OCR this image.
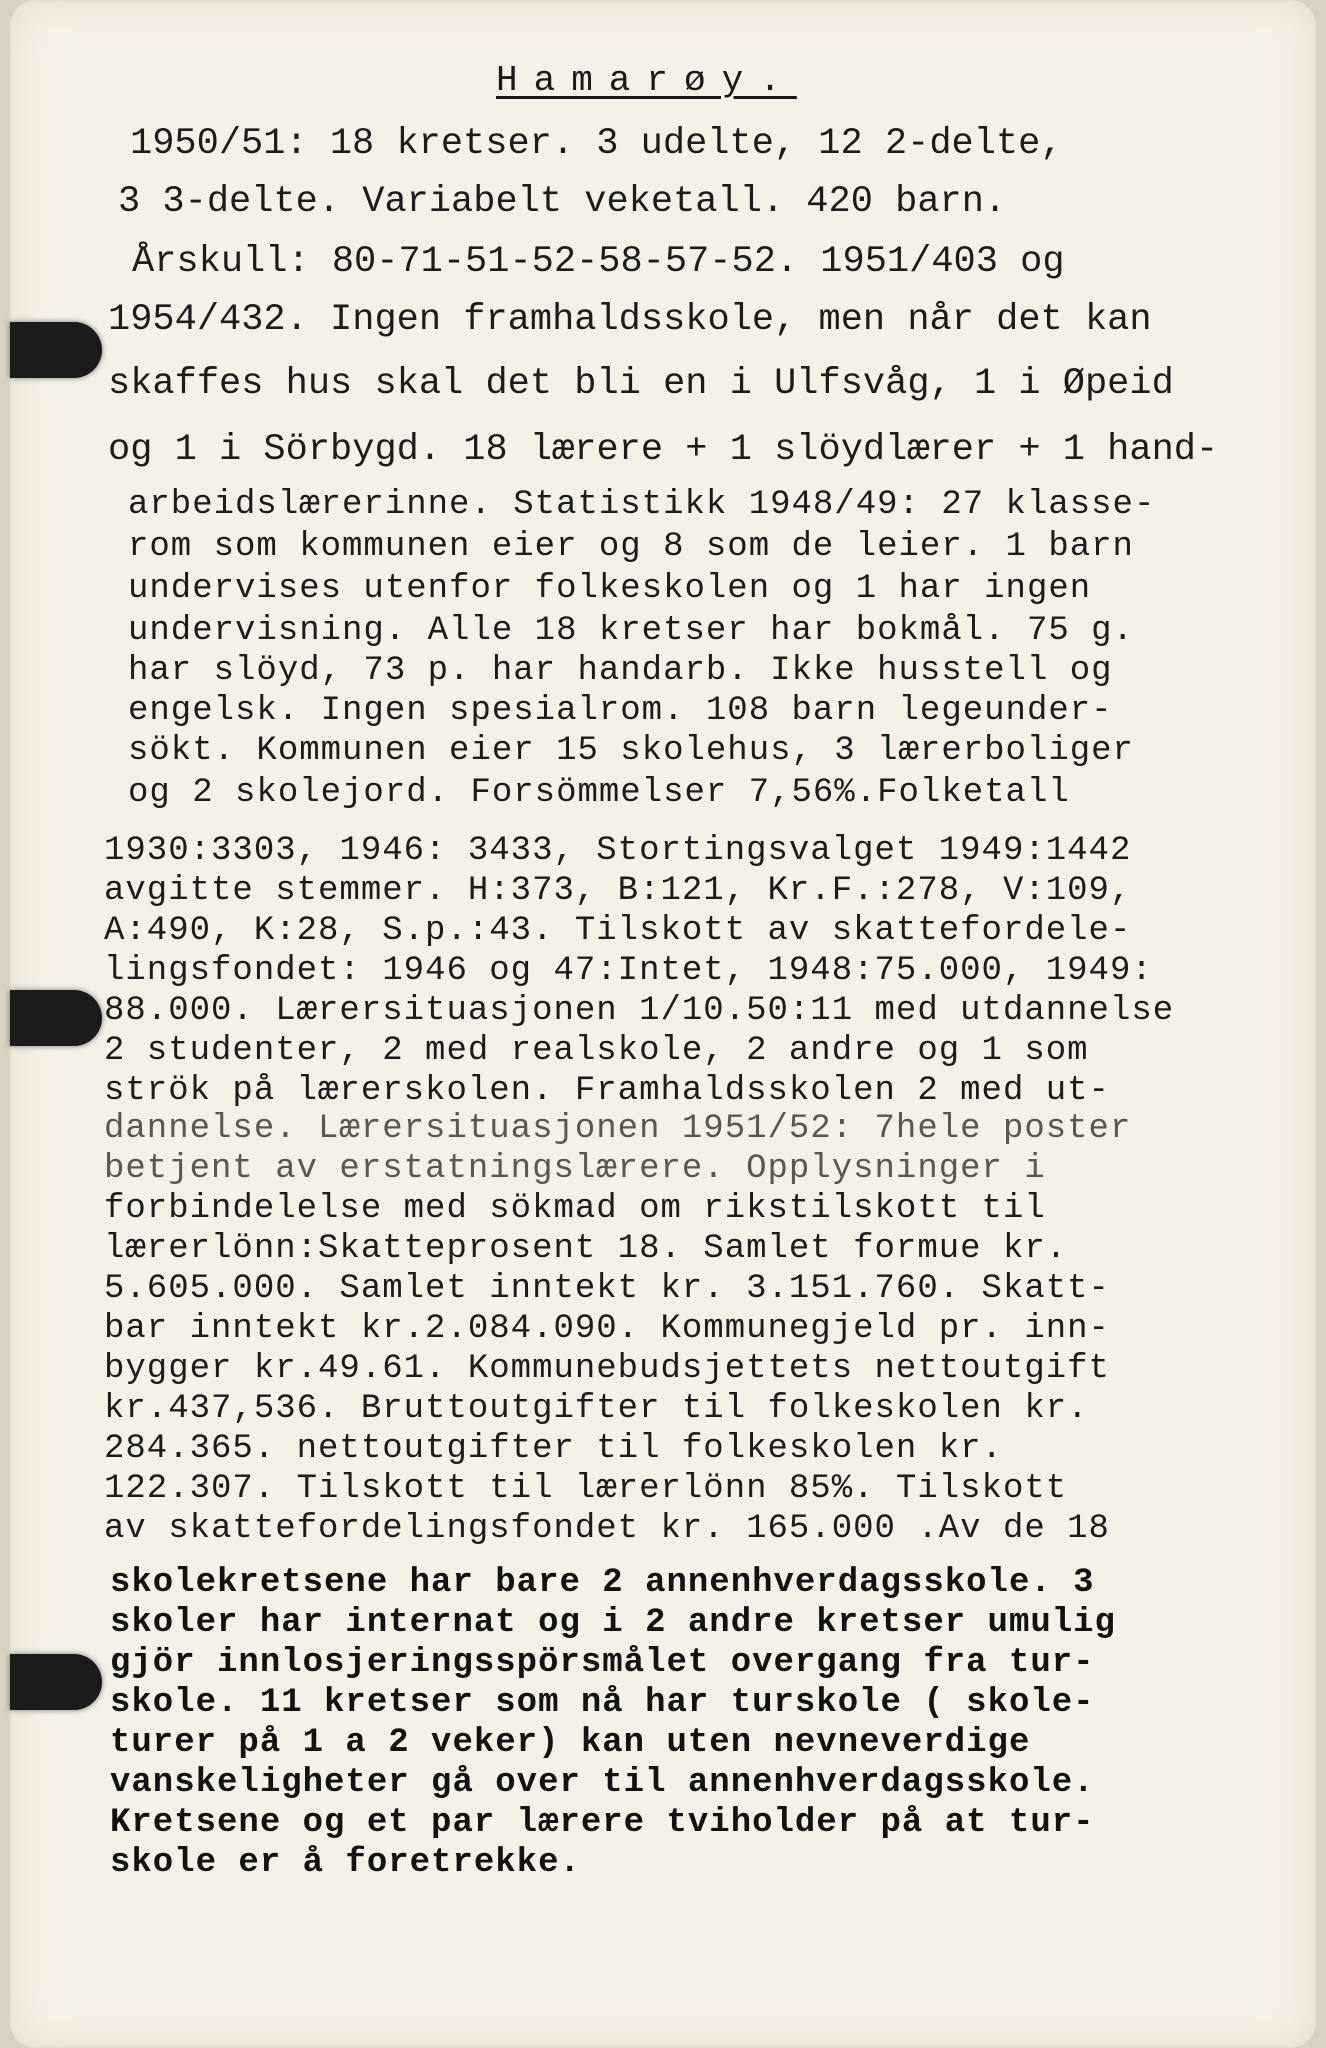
Hamarøy.
1950/51: 18 kretser. 3 udelte, 12 2-delte,
3 3-delte. Variabelt veketall. 420 barn.
Årskull: 80-71-51-52-58-57-52. 1951/403 og
1954/432. Ingen framhaldsskole, men når det kan
skaffes hus skal det bli en i Ulfsvåg, 1 i Øpeid
og 1 i Sörbygd. 18 lærere + 1 slöydlærer + 1 hand-
arbeidslærerinne. Statistikk 1948/49: 27 klasse-
rom som kommunen eier og 8 som de leier. 1 barn
undervises utenfor folkeskolen og 1 har ingen
undervisning. Alle 18 kretser har bokmål. 75 g.
har slöyd, 73 p. har handarb. Ikke husstell og
engelsk. Ingen spesialrom. 108 barn legeunder-
sökt. Kommunen eier 15 skolehus, 3 lærerboliger
og 2 skolejord. Forsömmelser 7,56%.Folketall
1930:3303, 1946: 3433, Stortingsvalget 1949:1442
avgitte stemmer. H:373, B:121, Kr.F.:278, V:109,
A:490, K:28, S.p.:43. Tilskott av skattefordele-
lingsfondet: 1946 og 47:Intet, 1948:75.000, 1949:
88.000. Lærersituasjonen 1/10.50:11 med utdannelse
2 studenter, 2 med realskole, 2 andre og 1 som
strök på lærerskolen. Framhaldsskolen 2 med ut-
dannelse. Lærersituasjonen 1951/52: 7hele poster
betjent av erstatningslærere. Opplysninger i
forbindelelse med sökmad om rikstilskott til
lærerlönn:Skatteprosent 18. Samlet formue kr.
5.605.000. Samlet inntekt kr. 3.151.760. Skatt-
bar inntekt kr.2.084.090. Kommunegjeld pr. inn-
bygger kr.49.61. Kommunebudsjettets nettoutgift
kr.437,536. Bruttoutgifter til folkeskolen kr.
284.365. nettoutgifter til folkeskolen kr.
122.307. Tilskott til lærerlönn 85%. Tilskott
av skattefordelingsfondet kr. 165.000 .Av de 18
skolekretsene har bare 2 annenhverdagsskole. 3
skoler har internat og i 2 andre kretser umulig
gjör innlosjeringsspörsmålet overgang fra tur-
skole. 11 kretser som nå har turskole ( skole-
turer på 1 a 2 veker) kan uten nevneverdige
vanskeligheter gå over til annenhverdagsskole.
Kretsene og et par lærere tviholder på at tur-
skole er å foretrekke.
